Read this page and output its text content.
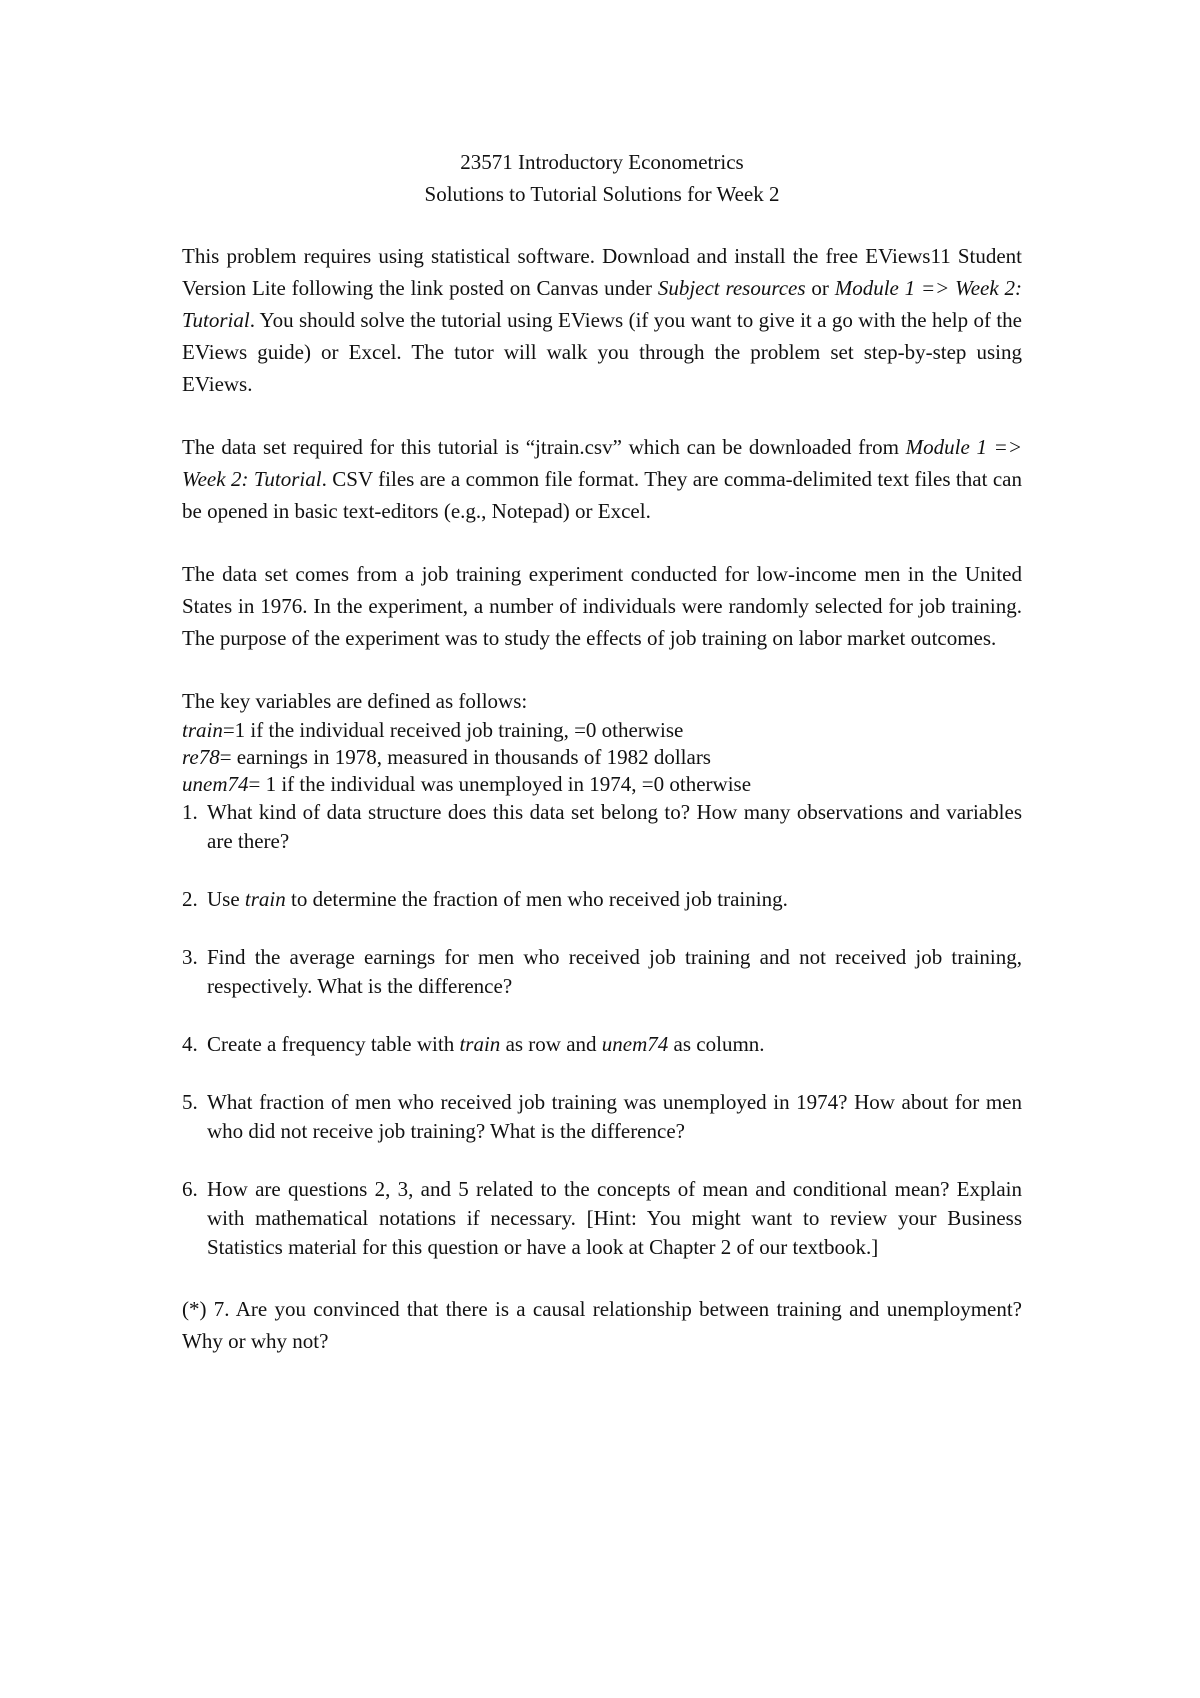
23571 Introductory Econometrics

Solutions to Tutorial Solutions for Week 2

This problem requires using statistical software. Download and install the free EViews11 Student Version Lite following the link posted on Canvas under Subject resources or Module 1 => Week 2: Tutorial. You should solve the tutorial using EViews (if you want to give it a go with the help of the EViews guide) or Excel. The tutor will walk you through the problem set step-by-step using EViews.

The data set required for this tutorial is “jtrain.csv” which can be downloaded from Module 1 => Week 2: Tutorial. CSV files are a common file format. They are comma-delimited text files that can be opened in basic text-editors (e.g., Notepad) or Excel.

The data set comes from a job training experiment conducted for low-income men in the United States in 1976. In the experiment, a number of individuals were randomly selected for job training. The purpose of the experiment was to study the effects of job training on labor market outcomes.

The key variables are defined as follows:

train=1 if the individual received job training, =0 otherwise
re78= earnings in 1978, measured in thousands of 1982 dollars unem74= 1 if the individual was unemployed in 1974, =0 otherwise

1. What kind of data structure does this data set belong to? How many observations and variables are there?
2. Use train to determine the fraction of men who received job training.
3. Find the average earnings for men who received job training and not received job training, respectively. What is the difference?
4. Create a frequency table with train as row and unem74 as column.
5. What fraction of men who received job training was unemployed in 1974? How about for men who did not receive job training? What is the difference?
6. How are questions 2, 3, and 5 related to the concepts of mean and conditional mean? Explain with mathematical notations if necessary. [Hint: You might want to review your Business Statistics material for this question or have a look at Chapter 2 of our textbook.]

(*) 7. Are you convinced that there is a causal relationship between training and unemployment? Why or why not?
